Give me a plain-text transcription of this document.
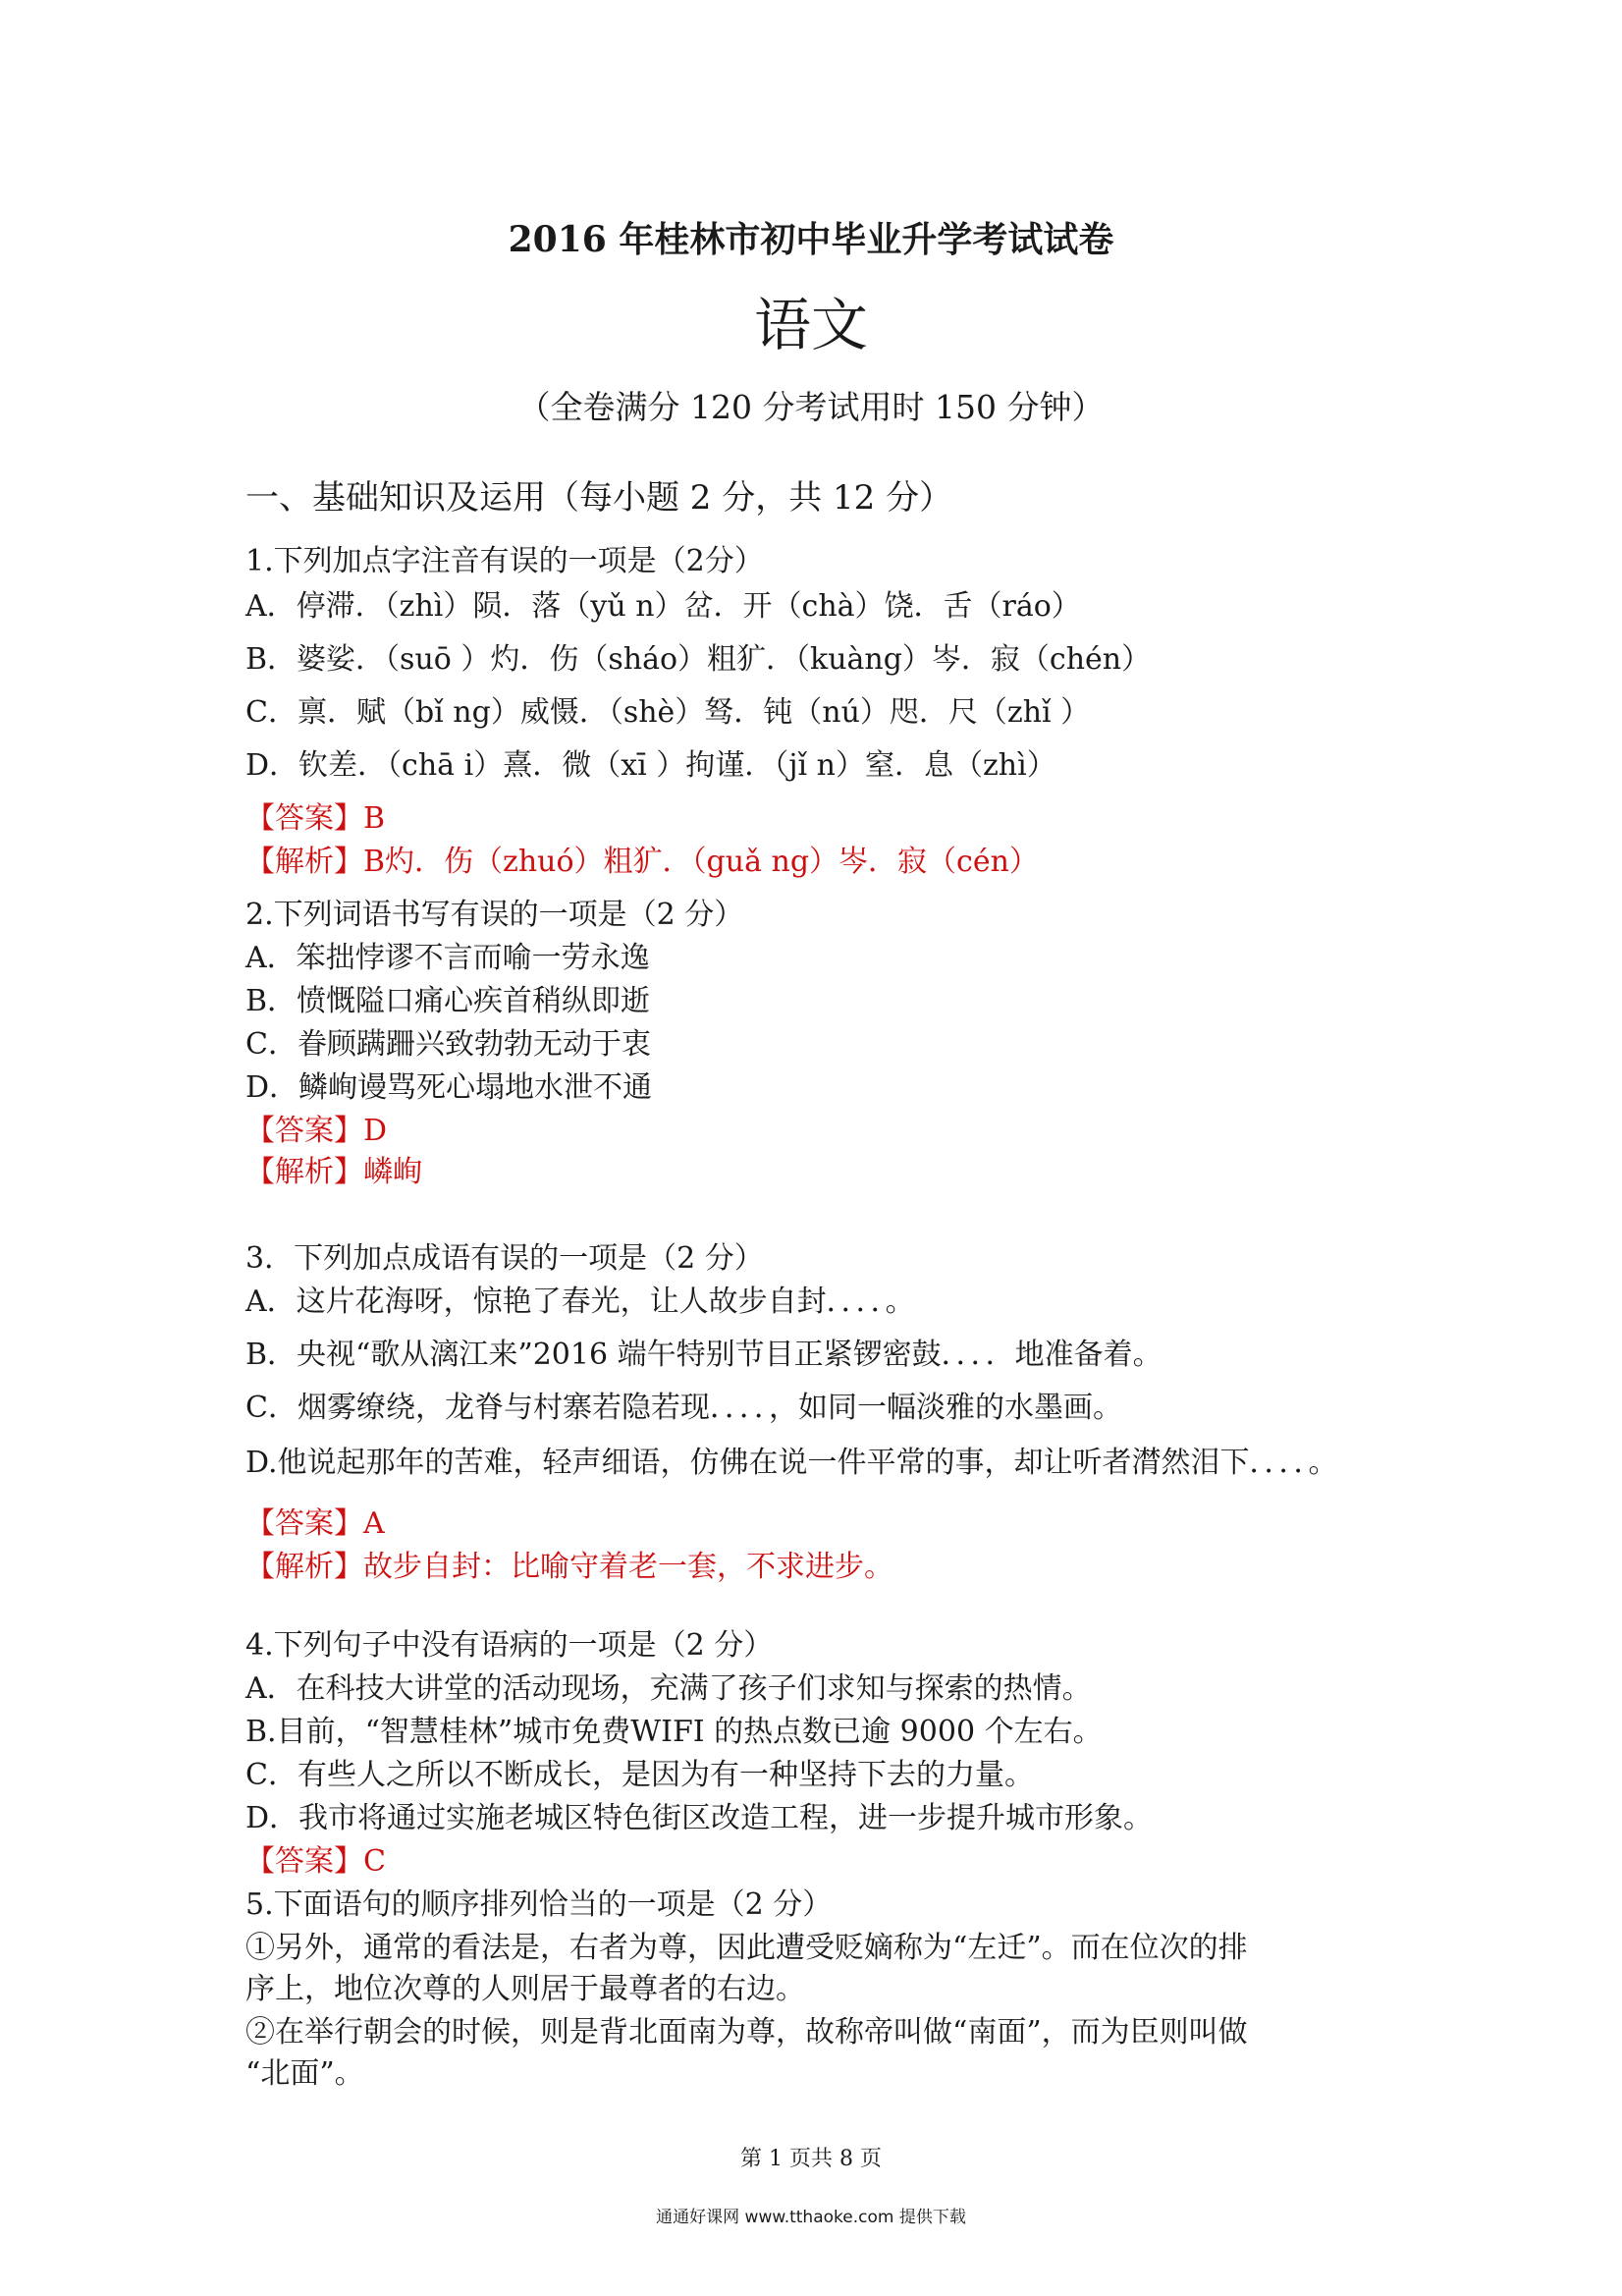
2016 年桂林市初中毕业升学考试试卷
语文
（全卷满分 120 分考试用时 150 分钟）
一、基础知识及运用（每小题 2 分，共 12 分）
1.下列加点字注音有误的一项是（2分）
A．停滞．（zhì）陨．落（yǔ n）岔．开（chà）饶．舌（ráo）
B．婆娑．（suō ）灼．伤（sháo）粗犷．（kuàng）岑．寂（chén）
C．禀．赋（bǐ ng）威慑．（shè）驽．钝（nú）咫．尺（zhǐ ）
D．钦差．（chā i）熹．微（xī ）拘谨．（jǐ n）窒．息（zhì）
【答案】B
【解析】B灼．伤（zhuó）粗犷．（guǎ ng）岑．寂（cén）
2.下列词语书写有误的一项是（2 分）
A．笨拙悖谬不言而喻一劳永逸
B．愤慨隘口痛心疾首稍纵即逝
C．眷顾蹒跚兴致勃勃无动于衷
D．鳞峋谩骂死心塌地水泄不通
【答案】D
【解析】嶙峋
3．下列加点成语有误的一项是（2 分）
A．这片花海呀，惊艳了春光，让人故步自封．．．．。
B．央视“歌从漓江来”2016 端午特别节目正紧锣密鼓．．．．地准备着。
C．烟雾缭绕，龙脊与村寨若隐若现．．．．，如同一幅淡雅的水墨画。
D.他说起那年的苦难，轻声细语，仿佛在说一件平常的事，却让听者潸然泪下．．．．。
【答案】A
【解析】故步自封：比喻守着老一套，不求进步。
4.下列句子中没有语病的一项是（2 分）
A．在科技大讲堂的活动现场，充满了孩子们求知与探索的热情。
B.目前，“智慧桂林”城市免费WIFI 的热点数已逾 9000 个左右。
C．有些人之所以不断成长，是因为有一种坚持下去的力量。
D．我市将通过实施老城区特色街区改造工程，进一步提升城市形象。
【答案】C
5.下面语句的顺序排列恰当的一项是（2 分）
①另外，通常的看法是，右者为尊，因此遭受贬嫡称为“左迁”。而在位次的排
序上，地位次尊的人则居于最尊者的右边。
②在举行朝会的时候，则是背北面南为尊，故称帝叫做“南面”，而为臣则叫做
“北面”。
第 1 页共 8 页
通通好课网 www.tthaoke.com 提供下载
